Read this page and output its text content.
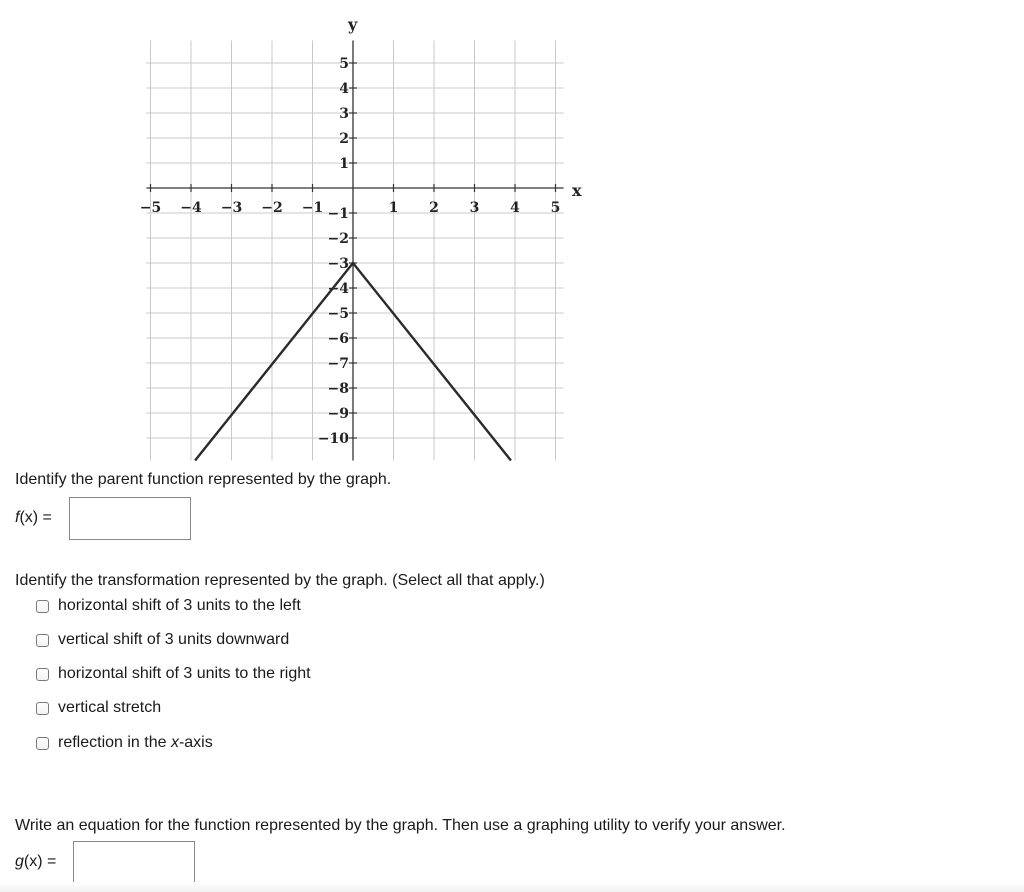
−5 −4 −3 −2 −1	1 2 3 4 5
5
4
3
2
1
−1
−2
−3
−4
−5
−6
−7
−8
−9
−10
y
x
Identify the parent function represented by the graph.
f(x) =
Identify the transformation represented by the graph. (Select all that apply.)
horizontal shift of 3 units to the left
vertical shift of 3 units downward
horizontal shift of 3 units to the right
vertical stretch
reflection in the x-axis
Write an equation for the function represented by the graph. Then use a graphing utility to verify your answer.
g(x) =
